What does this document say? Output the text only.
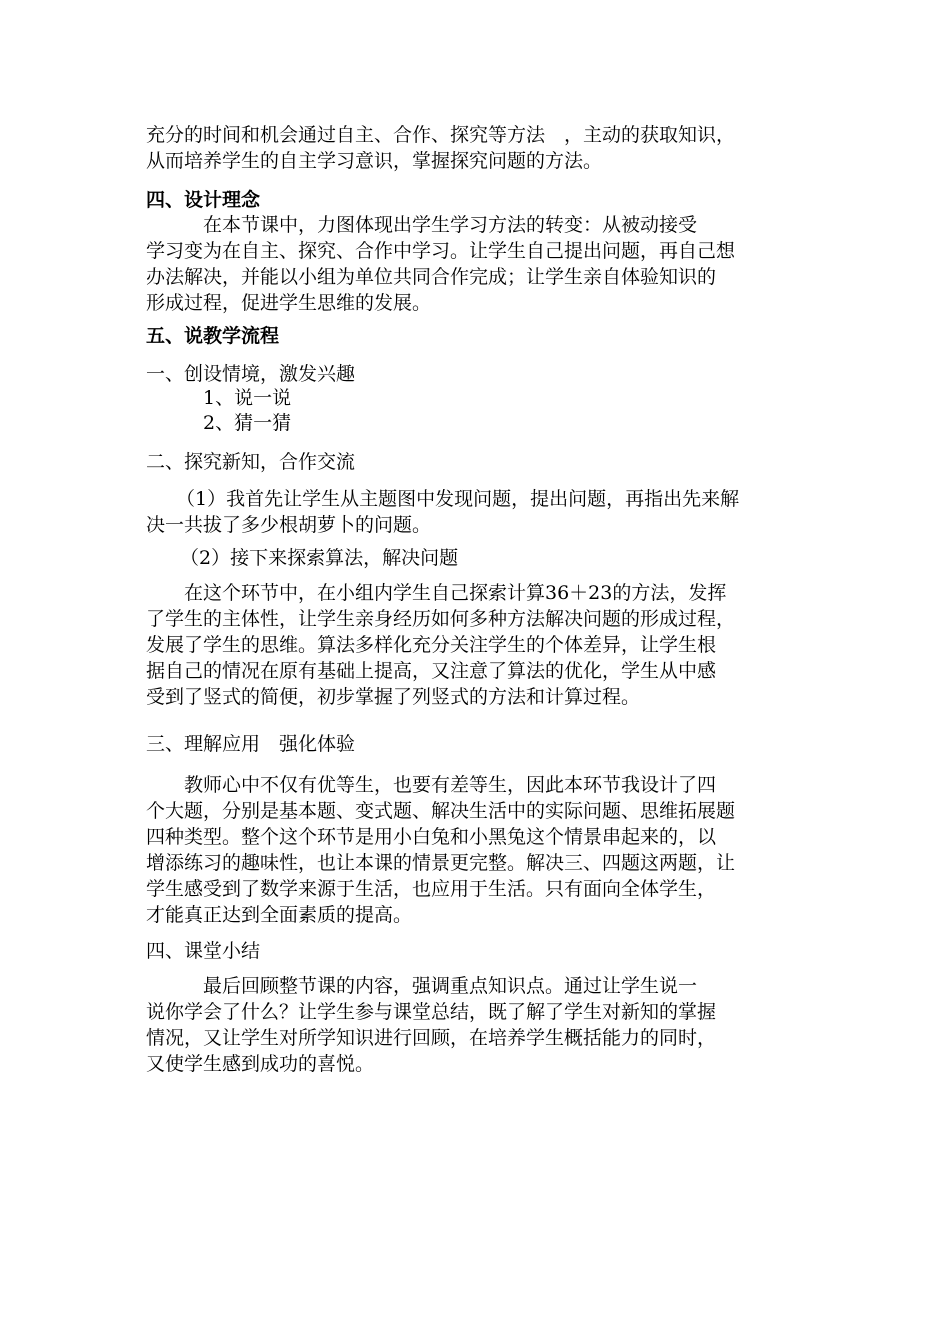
充分的时间和机会通过自主、合作、探究等方法　，主动的获取知识，
从而培养学生的自主学习意识，掌握探究问题的方法。
四、设计理念
　　　在本节课中，力图体现出学生学习方法的转变：从被动接受
学习变为在自主、探究、合作中学习。让学生自己提出问题，再自己想
办法解决，并能以小组为单位共同合作完成；让学生亲自体验知识的
形成过程，促进学生思维的发展。
五、说教学流程
一、创设情境，激发兴趣
1、说一说
2、猜一猜
二、探究新知，合作交流
（1）我首先让学生从主题图中发现问题，提出问题，再指出先来解
决一共拔了多少根胡萝卜的问题。
（2）接下来探索算法，解决问题
　　在这个环节中，在小组内学生自己探索计算36＋23的方法，发挥
了学生的主体性，让学生亲身经历如何多种方法解决问题的形成过程，
发展了学生的思维。算法多样化充分关注学生的个体差异，让学生根
据自己的情况在原有基础上提高，又注意了算法的优化，学生从中感
受到了竖式的简便，初步掌握了列竖式的方法和计算过程。
三、理解应用　强化体验
　　教师心中不仅有优等生，也要有差等生，因此本环节我设计了四
个大题，分别是基本题、变式题、解决生活中的实际问题、思维拓展题
四种类型。整个这个环节是用小白兔和小黑兔这个情景串起来的，以
增添练习的趣味性，也让本课的情景更完整。解决三、四题这两题，让
学生感受到了数学来源于生活，也应用于生活。只有面向全体学生，
才能真正达到全面素质的提高。
四、课堂小结
　　　最后回顾整节课的内容，强调重点知识点。通过让学生说一
说你学会了什么？让学生参与课堂总结，既了解了学生对新知的掌握
情况，又让学生对所学知识进行回顾，在培养学生概括能力的同时，
又使学生感到成功的喜悦。
